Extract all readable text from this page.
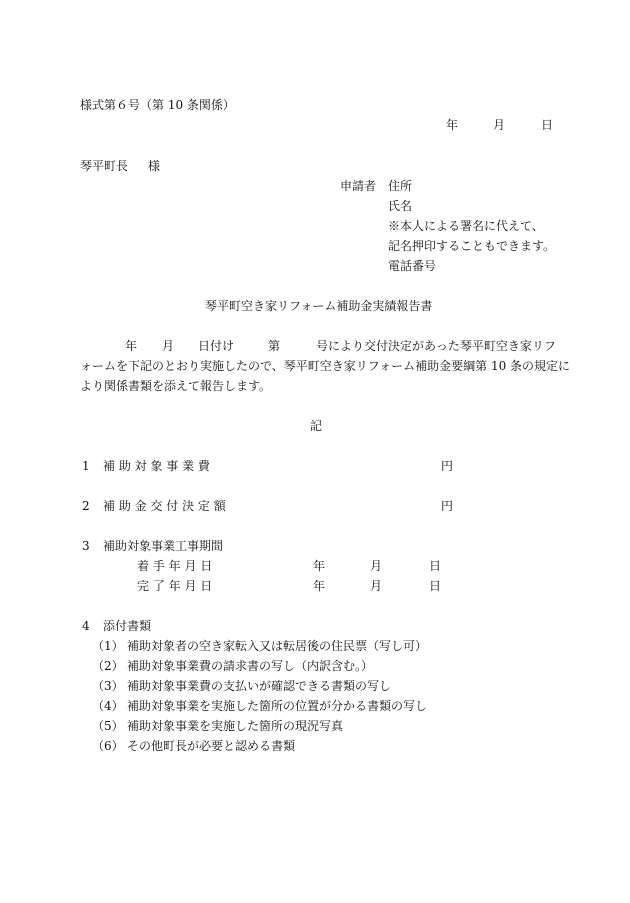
様式第６号（第 10 条関係）
年	月	日
琴平町長 様
申請者 住所
氏名
※本人による署名に代えて、
記名押印することもできます。
電話番号
琴平町空き家リフォーム補助金実績報告書
年 月 日付け	第	号により交付決定があった琴平町空き家リフ
ォームを下記のとおり実施したので、琴平町空き家リフォーム補助金要綱第 10 条の規定に
より関係書類を添えて報告します。
記
1 補 助 対 象 事 業 費	円
2 補 助 金 交 付 決 定 額	円
3 補助対象事業工事期間
着 手 年 月 日	年	月	日
完 了 年 月 日	年	月	日
4 添付書類
（1） 補助対象者の空き家転入又は転居後の住民票（写し可）
（2） 補助対象事業費の請求書の写し（内訳含む。）
（3） 補助対象事業費の支払いが確認できる書類の写し
（4） 補助対象事業を実施した箇所の位置が分かる書類の写し
（5） 補助対象事業を実施した箇所の現況写真
（6） その他町長が必要と認める書類
